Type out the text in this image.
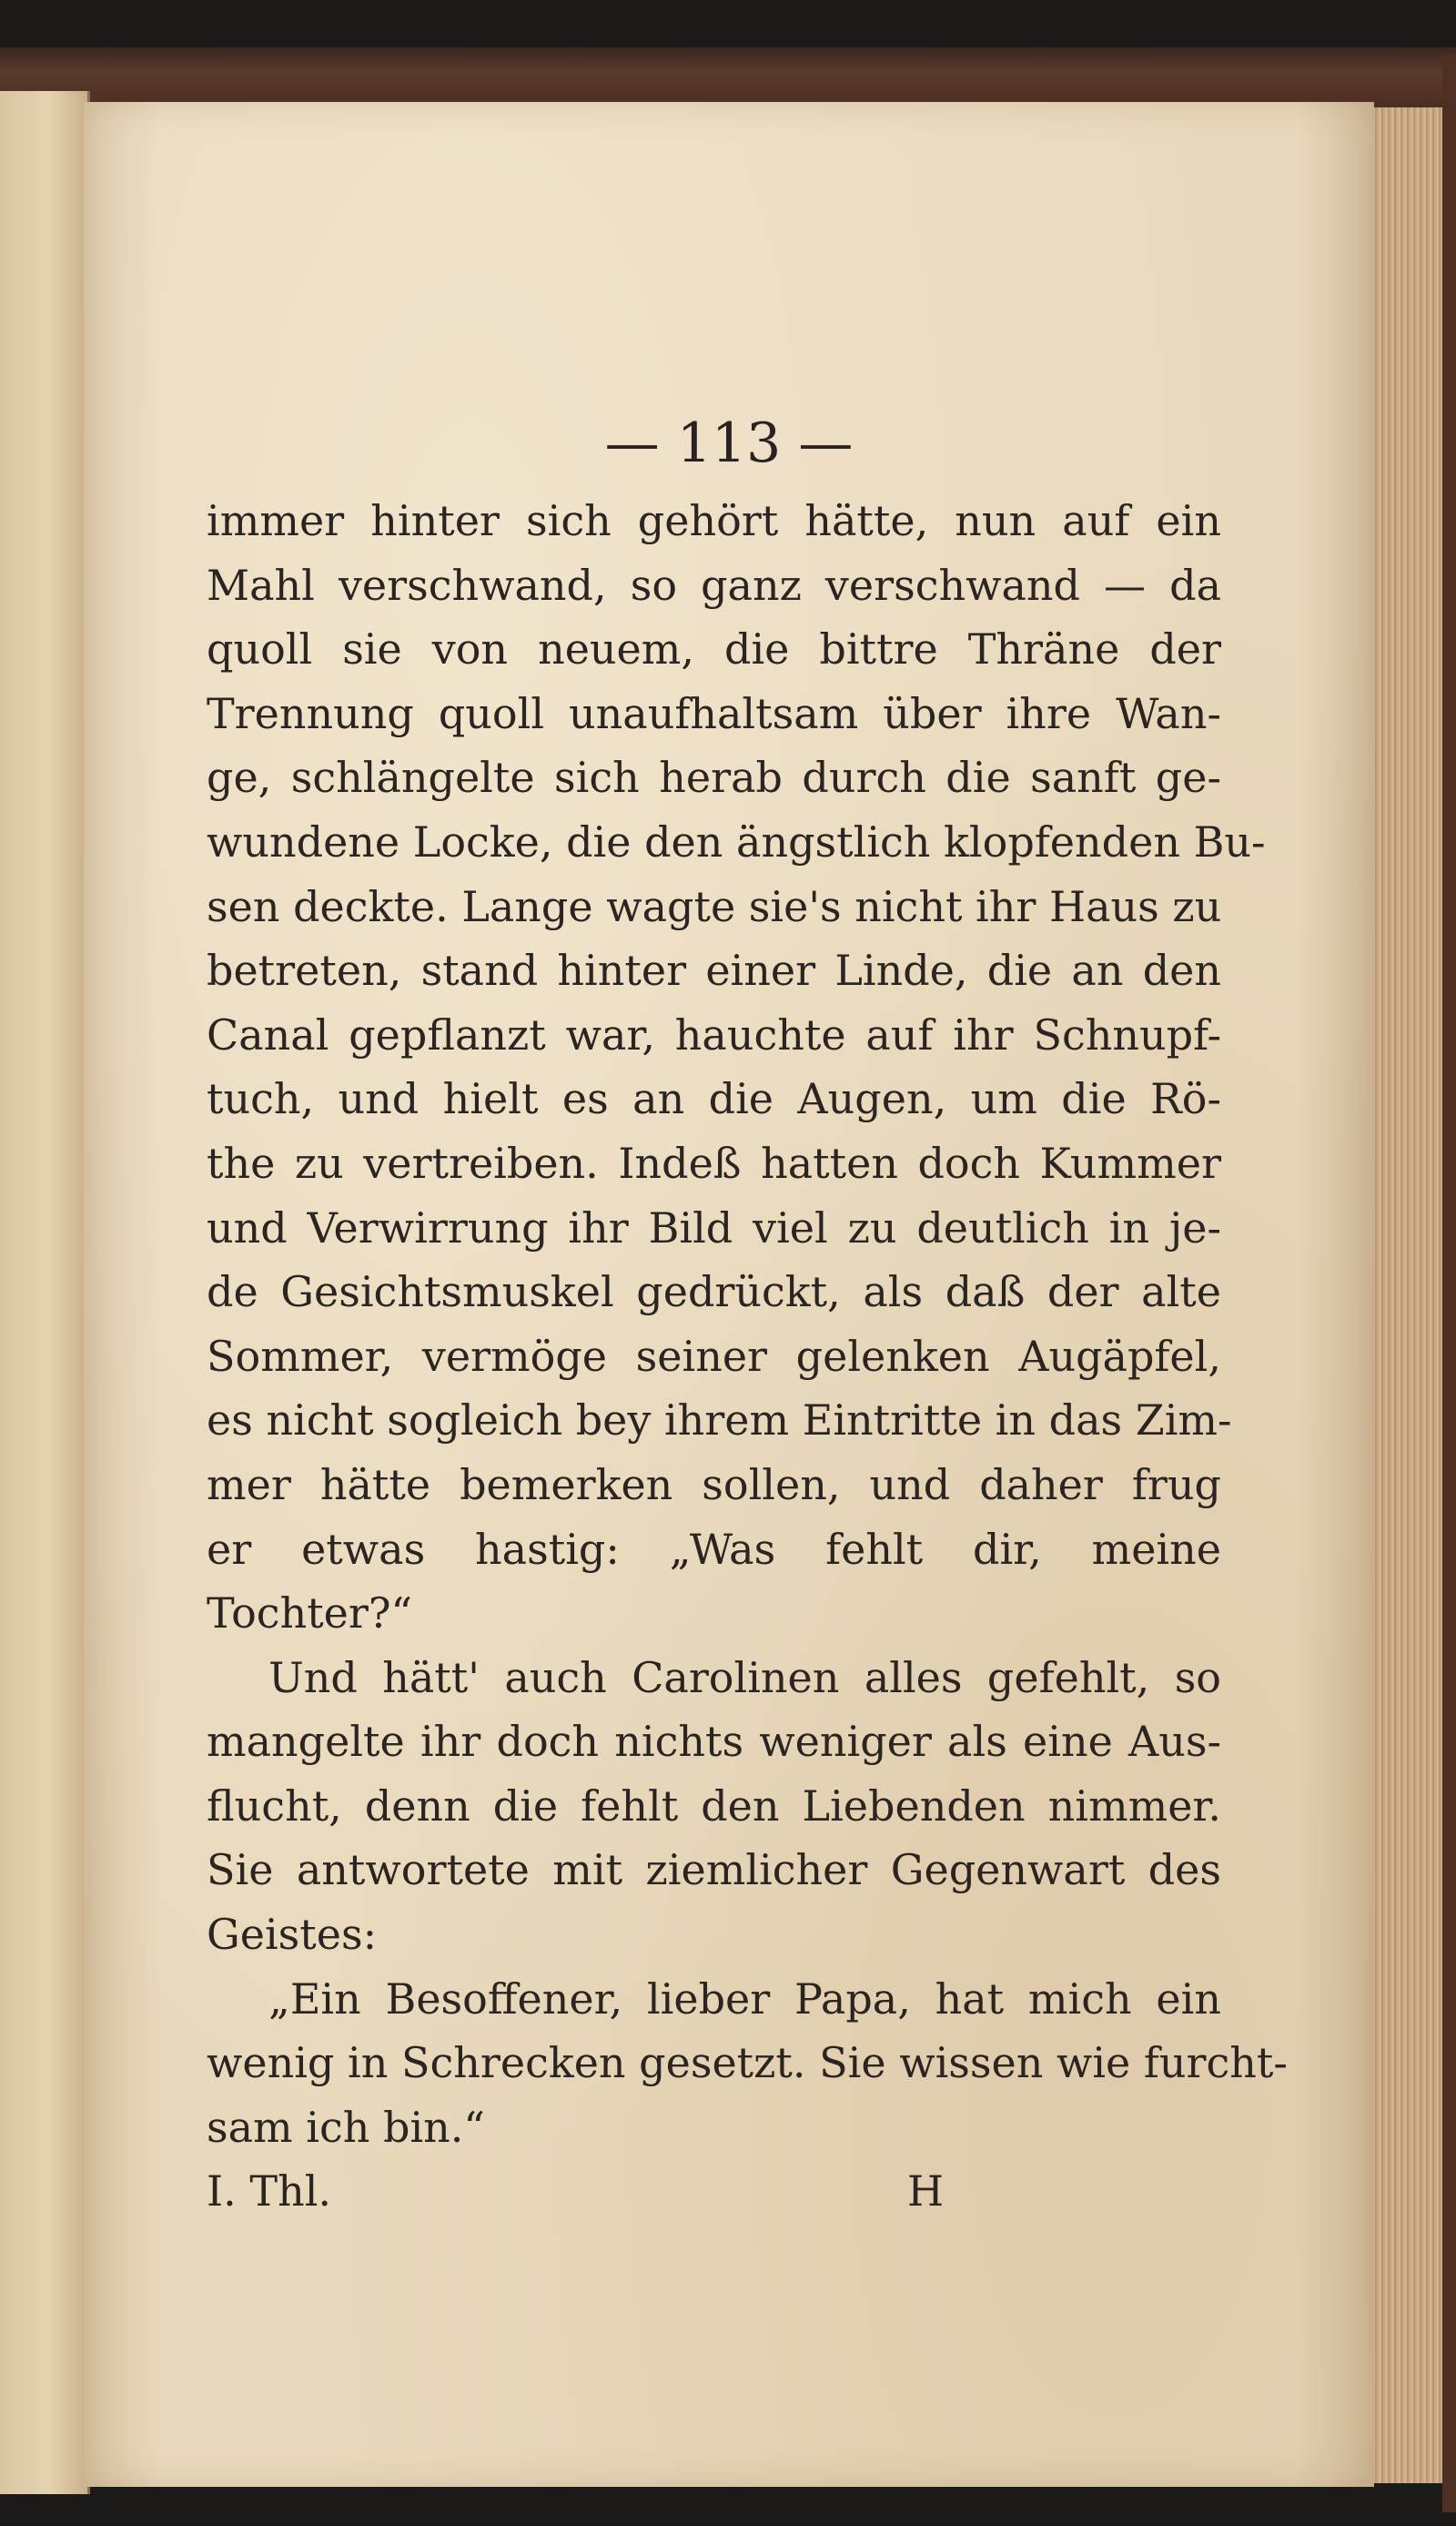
— 113 —
immer hinter sich gehört hätte, nun auf ein
Mahl verschwand, so ganz verschwand — da
quoll sie von neuem, die bittre Thräne der
Trennung quoll unaufhaltsam über ihre Wan-
ge, schlängelte sich herab durch die sanft ge-
wundene Locke, die den ängstlich klopfenden Bu-
sen deckte. Lange wagte sie's nicht ihr Haus zu
betreten, stand hinter einer Linde, die an den
Canal gepflanzt war, hauchte auf ihr Schnupf-
tuch, und hielt es an die Augen, um die Rö-
the zu vertreiben. Indeß hatten doch Kummer
und Verwirrung ihr Bild viel zu deutlich in je-
de Gesichtsmuskel gedrückt, als daß der alte
Sommer, vermöge seiner gelenken Augäpfel,
es nicht sogleich bey ihrem Eintritte in das Zim-
mer hätte bemerken sollen, und daher frug
er etwas hastig: „Was fehlt dir, meine
Tochter?“
Und hätt' auch Carolinen alles gefehlt, so
mangelte ihr doch nichts weniger als eine Aus-
flucht, denn die fehlt den Liebenden nimmer.
Sie antwortete mit ziemlicher Gegenwart des
Geistes:
„Ein Besoffener, lieber Papa, hat mich ein
wenig in Schrecken gesetzt. Sie wissen wie furcht-
sam ich bin.“
I. Thl.	H
